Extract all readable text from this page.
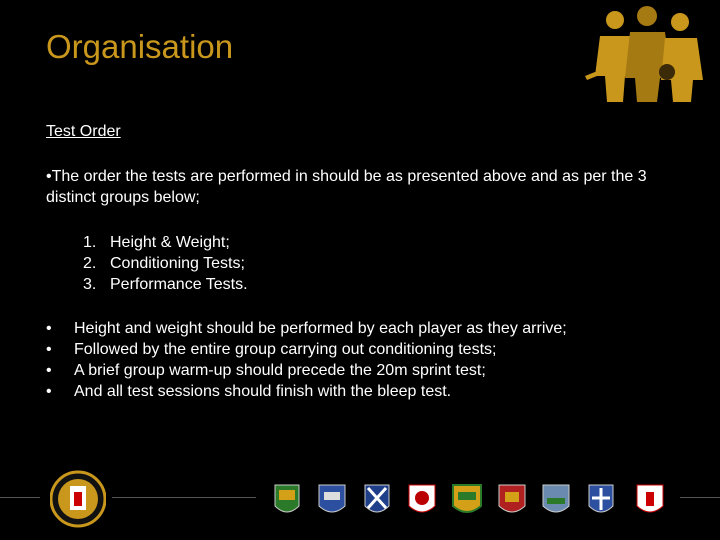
Organisation
Test Order
•The order the tests are performed in should be as presented above and as per the 3 distinct groups below;
1. Height & Weight;
2. Conditioning Tests;
3. Performance Tests.
•	Height and weight should be performed by each player as they arrive;
•	Followed by the entire group carrying out conditioning tests;
•	A brief group warm-up should precede the 20m sprint test;
•	And all test sessions should finish with the bleep test.
